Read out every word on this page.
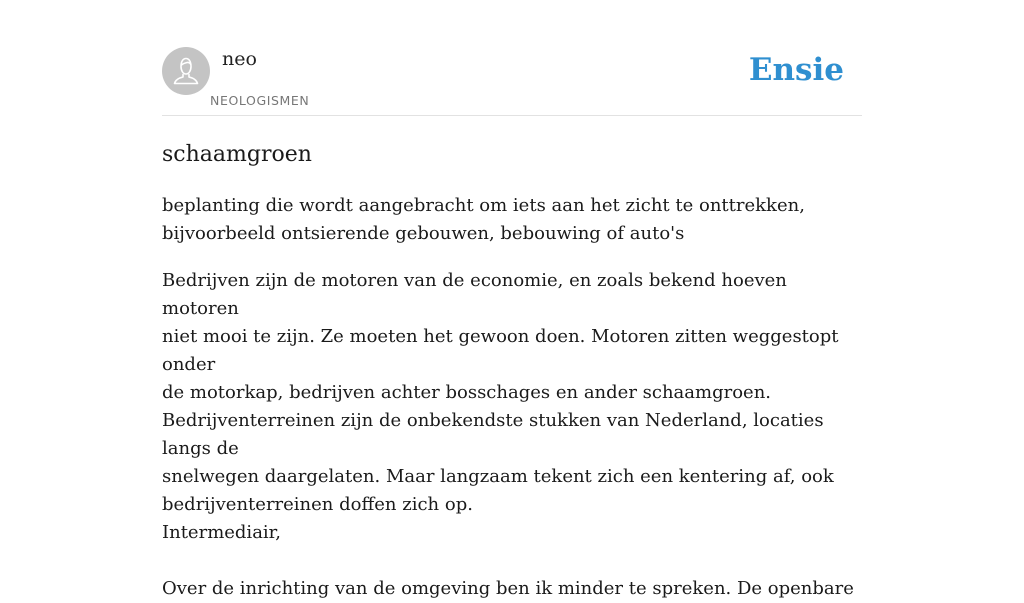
neo
NEOLOGISMEN
Ensie
schaamgroen
beplanting die wordt aangebracht om iets aan het zicht te onttrekken,
bijvoorbeeld ontsierende gebouwen, bebouwing of auto's

Bedrijven zijn de motoren van de economie, en zoals bekend hoeven motoren

niet mooi te zijn. Ze moeten het gewoon doen. Motoren zitten weggestopt onder

de motorkap, bedrijven achter bosschages en ander schaamgroen.

Bedrijventerreinen zijn de onbekendste stukken van Nederland, locaties langs de

snelwegen daargelaten. Maar langzaam tekent zich een kentering af, ook

bedrijventerreinen doffen zich op.

Intermediair,

Over de inrichting van de omgeving ben ik minder te spreken. De openbare
